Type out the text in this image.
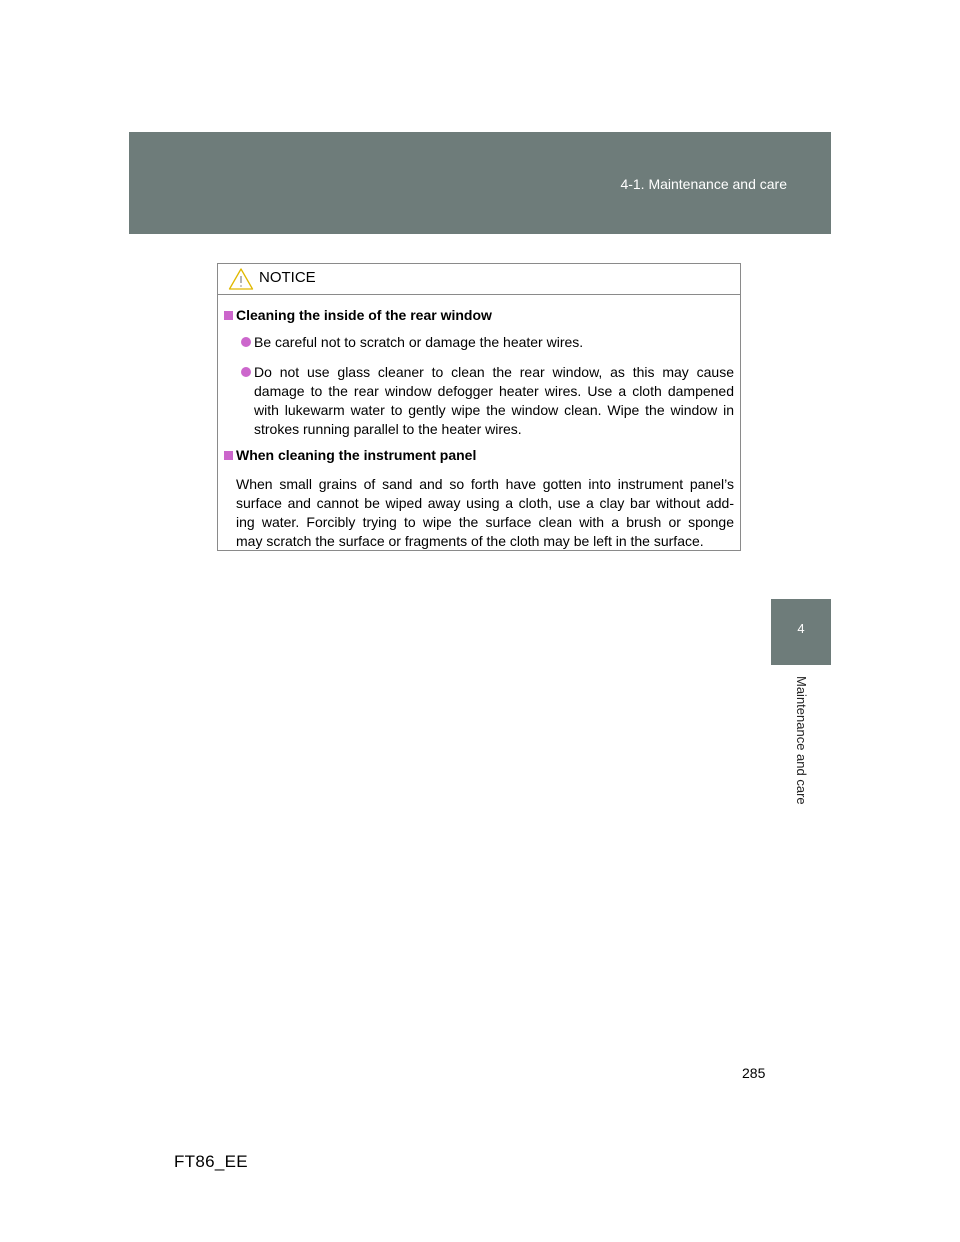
4-1. Maintenance and care
4
Maintenance and care
NOTICE
Cleaning the inside of the rear window
Be careful not to scratch or damage the heater wires.
Do not use glass cleaner to clean the rear window, as this may cause
damage to the rear window defogger heater wires. Use a cloth dampened
with lukewarm water to gently wipe the window clean. Wipe the window in
strokes running parallel to the heater wires.
When cleaning the instrument panel
When small grains of sand and so forth have gotten into instrument panel’s
surface and cannot be wiped away using a cloth, use a clay bar without add-
ing water. Forcibly trying to wipe the surface clean with a brush or sponge
may scratch the surface or fragments of the cloth may be left in the surface.
285
FT86_EE
